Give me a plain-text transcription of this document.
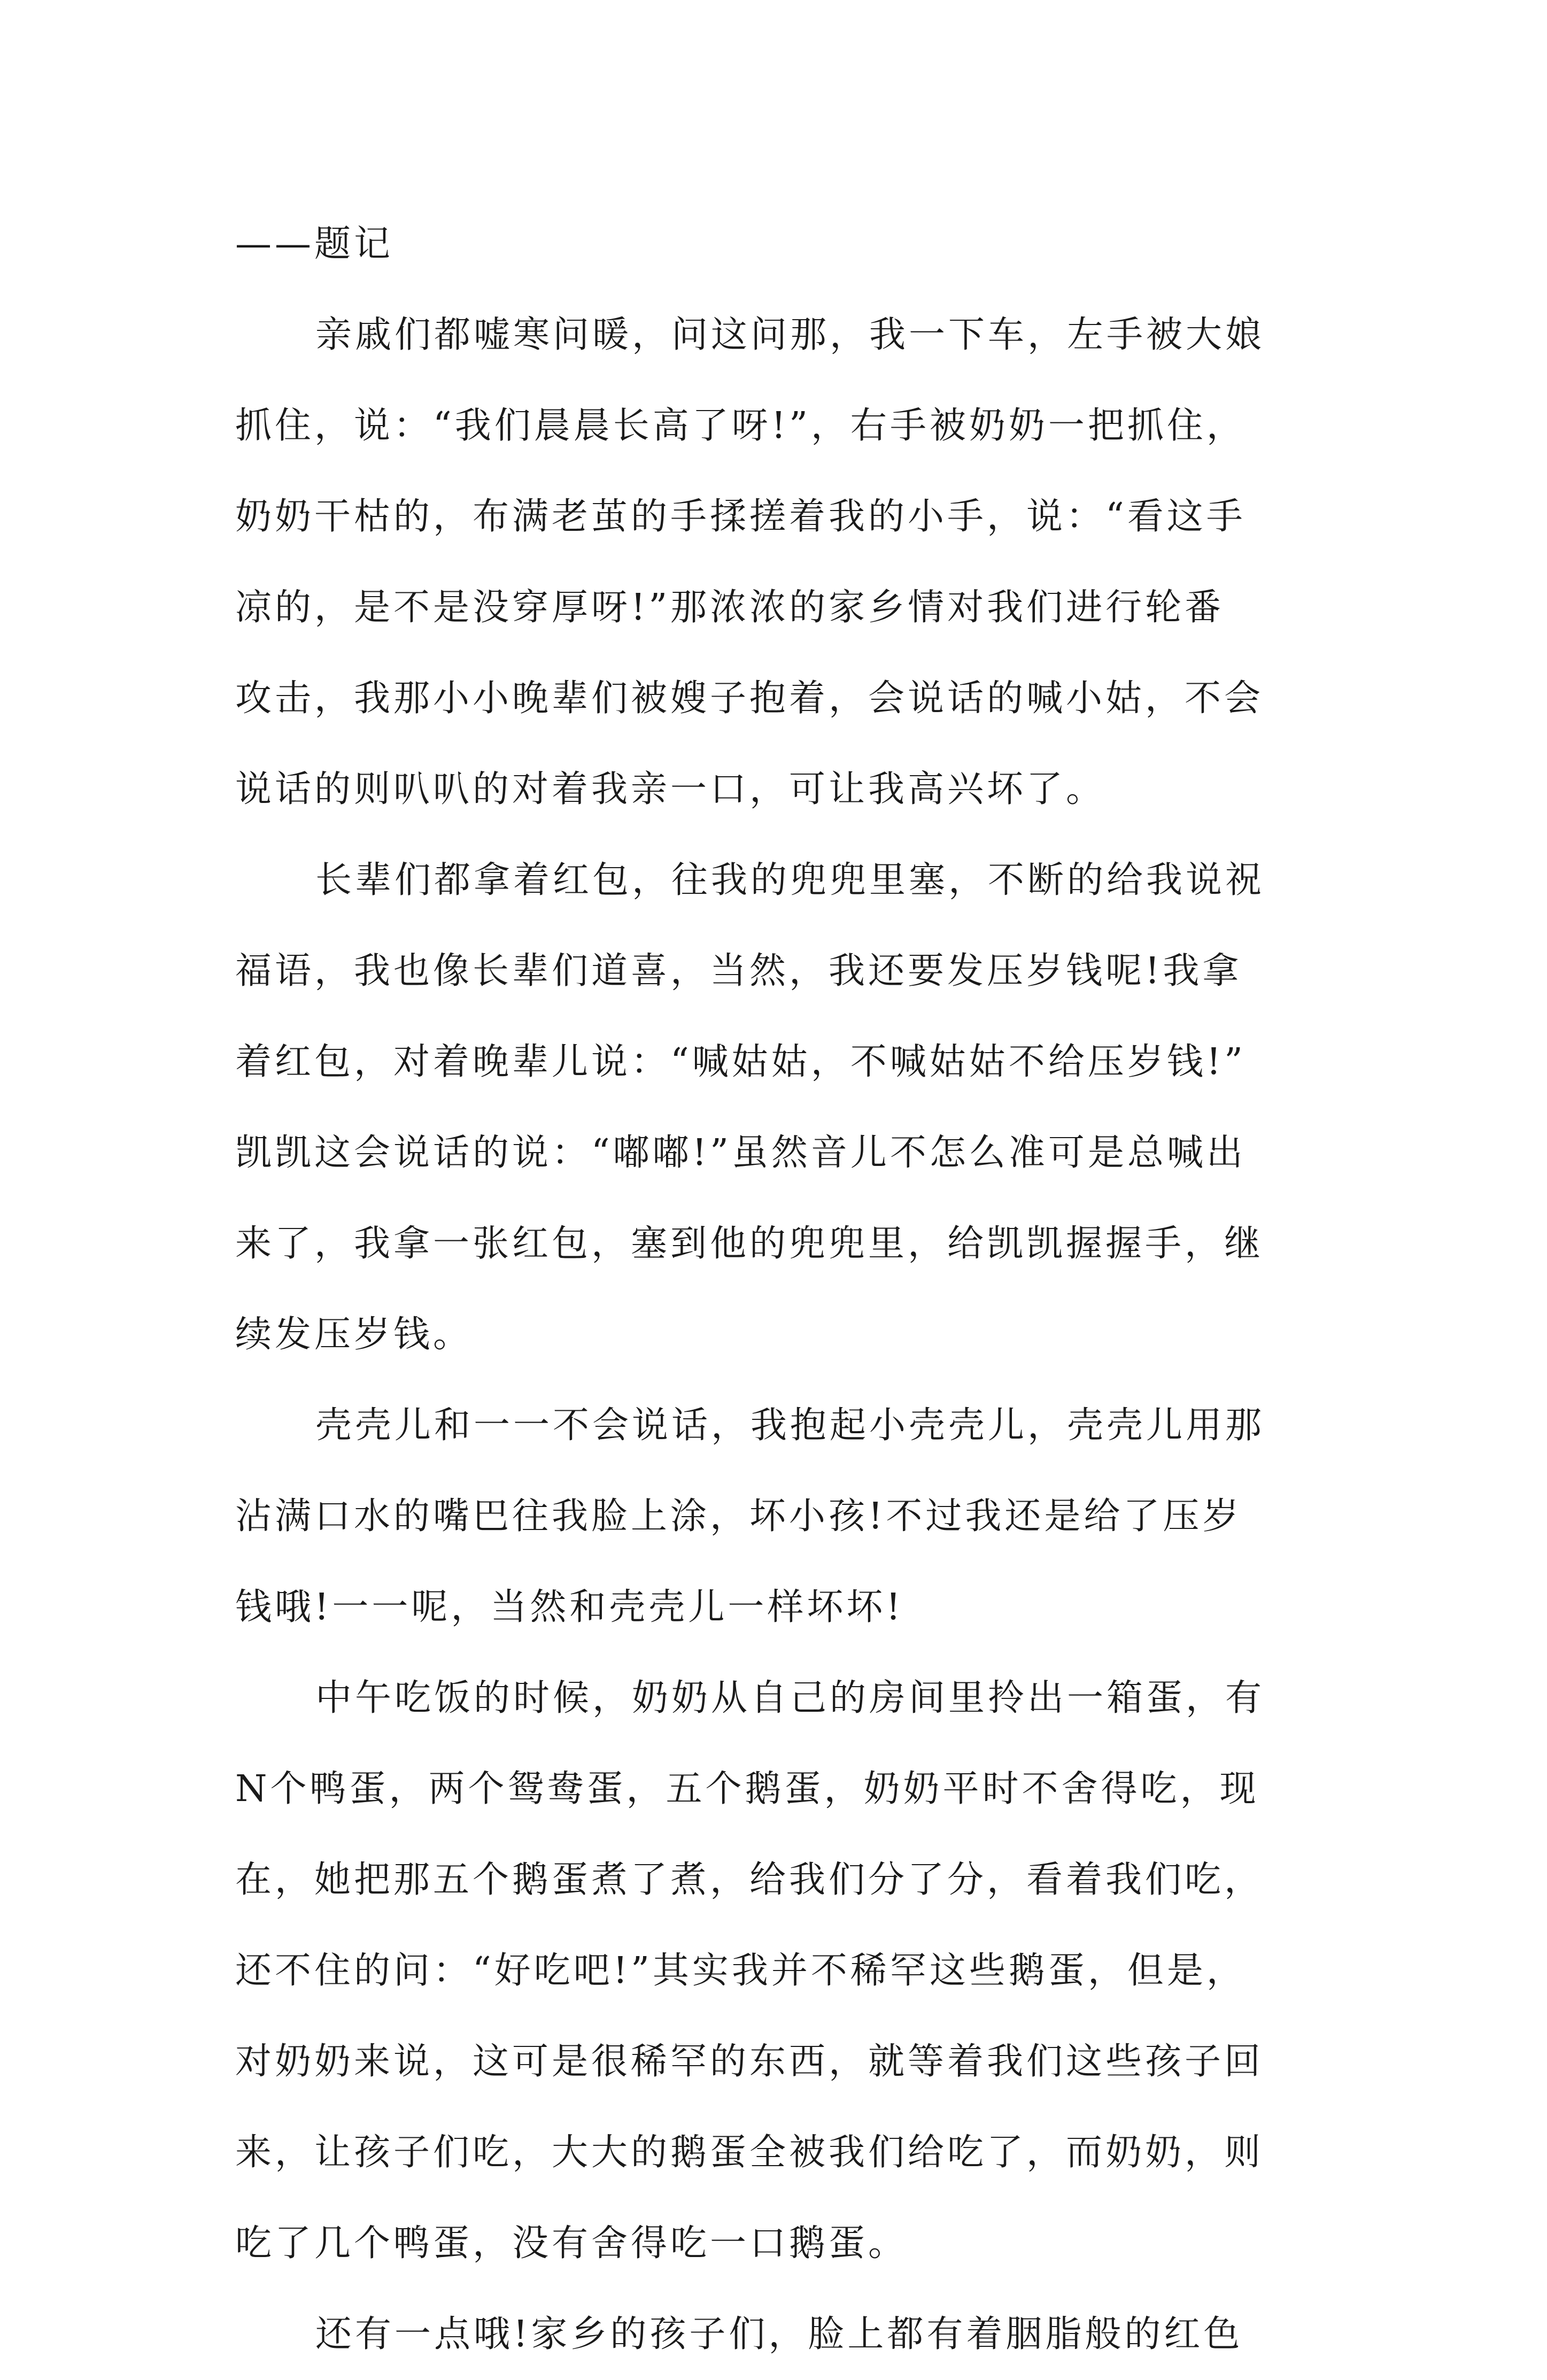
——题记
亲戚们都嘘寒问暖，问这问那，我一下车，左手被大娘
抓住，说：“我们晨晨长高了呀!”，右手被奶奶一把抓住，
奶奶干枯的，布满老茧的手揉搓着我的小手，说：“看这手
凉的，是不是没穿厚呀!”那浓浓的家乡情对我们进行轮番
攻击，我那小小晚辈们被嫂子抱着，会说话的喊小姑，不会
说话的则叭叭的对着我亲一口，可让我高兴坏了。
长辈们都拿着红包，往我的兜兜里塞，不断的给我说祝
福语，我也像长辈们道喜，当然，我还要发压岁钱呢!我拿
着红包，对着晚辈儿说：“喊姑姑，不喊姑姑不给压岁钱!”
凯凯这会说话的说：“嘟嘟!”虽然音儿不怎么准可是总喊出
来了，我拿一张红包，塞到他的兜兜里，给凯凯握握手，继
续发压岁钱。
壳壳儿和一一不会说话，我抱起小壳壳儿，壳壳儿用那
沾满口水的嘴巴往我脸上涂，坏小孩!不过我还是给了压岁
钱哦!一一呢，当然和壳壳儿一样坏坏!
中午吃饭的时候，奶奶从自己的房间里拎出一箱蛋，有
N个鸭蛋，两个鸳鸯蛋，五个鹅蛋，奶奶平时不舍得吃，现
在，她把那五个鹅蛋煮了煮，给我们分了分，看着我们吃，
还不住的问：“好吃吧!”其实我并不稀罕这些鹅蛋，但是，
对奶奶来说，这可是很稀罕的东西，就等着我们这些孩子回
来，让孩子们吃，大大的鹅蛋全被我们给吃了，而奶奶，则
吃了几个鸭蛋，没有舍得吃一口鹅蛋。
还有一点哦!家乡的孩子们，脸上都有着胭脂般的红色
